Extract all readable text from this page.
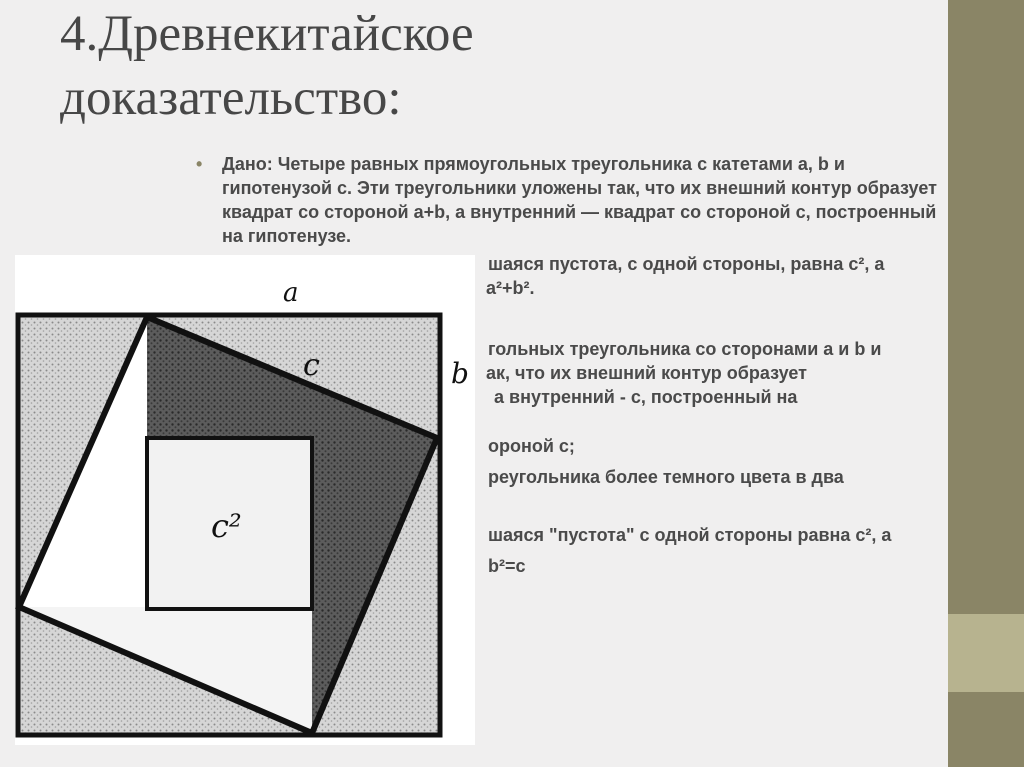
4.Древнекитайское
доказательство:
•	Дано: Четыре равных прямоугольных треугольника с катетами a, b и гипотенузой с. Эти треугольники уложены так, что их внешний контур образует квадрат со стороной a+b, а внутренний — квадрат со стороной с, построенный на гипотенузе.

шаяся пустота, с одной стороны, равна с², а
a²+b².
гольных треугольника со сторонами a и b и
ак, что их внешний контур образует
а внутренний - с, построенный на
ороной с;
реугольника более темного цвета в два
шаяся "пустота" с одной стороны равна с², а
b²=c
a
b
c
c²
